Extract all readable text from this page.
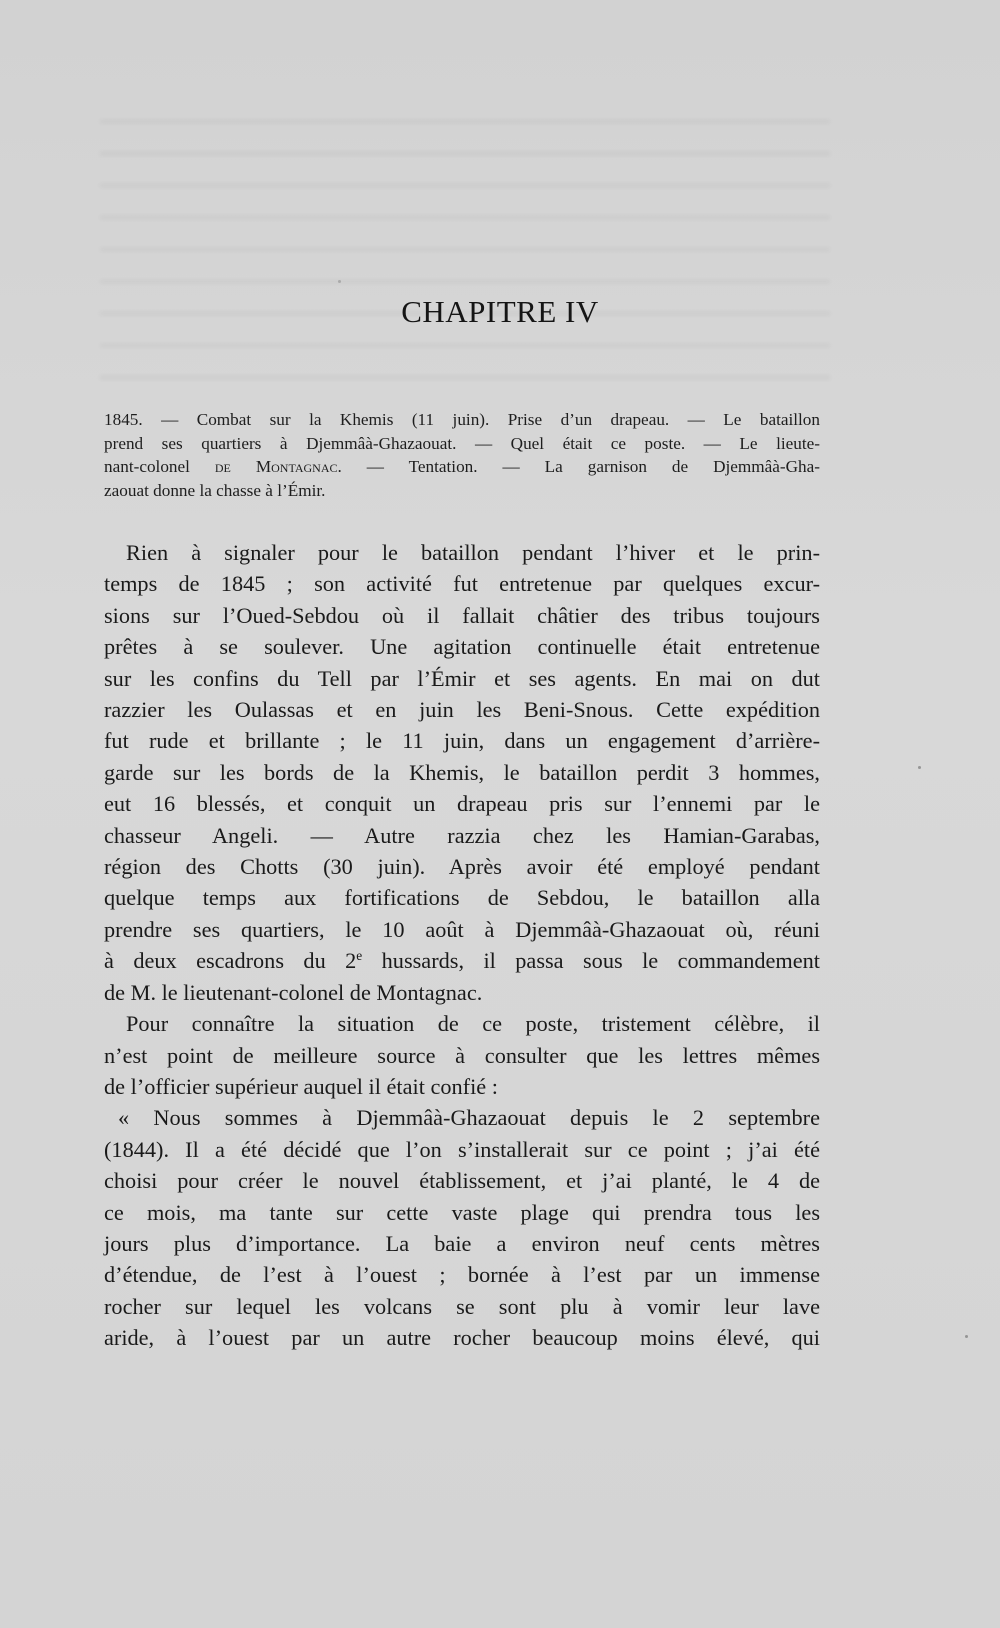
CHAPITRE IV
1845. — Combat sur la Khemis (11 juin). Prise d’un drapeau. — Le bataillon
prend ses quartiers à Djemmâà-Ghazaouat. — Quel était ce poste. — Le lieute-
nant-colonel de Montagnac. — Tentation. — La garnison de Djemmâà-Gha-
zaouat donne la chasse à l’Émir.
Rien à signaler pour le bataillon pendant l’hiver et le prin-
temps de 1845 ; son activité fut entretenue par quelques excur-
sions sur l’Oued-Sebdou où il fallait châtier des tribus toujours
prêtes à se soulever. Une agitation continuelle était entretenue
sur les confins du Tell par l’Émir et ses agents. En mai on dut
razzier les Oulassas et en juin les Beni-Snous. Cette expédition
fut rude et brillante ; le 11 juin, dans un engagement d’arrière-
garde sur les bords de la Khemis, le bataillon perdit 3 hommes,
eut 16 blessés, et conquit un drapeau pris sur l’ennemi par le
chasseur Angeli. — Autre razzia chez les Hamian-Garabas,
région des Chotts (30 juin). Après avoir été employé pendant
quelque temps aux fortifications de Sebdou, le bataillon alla
prendre ses quartiers, le 10 août à Djemmâà-Ghazaouat où, réuni
à deux escadrons du 2e hussards, il passa sous le commandement
de M. le lieutenant-colonel de Montagnac.
Pour connaître la situation de ce poste, tristement célèbre, il
n’est point de meilleure source à consulter que les lettres mêmes
de l’officier supérieur auquel il était confié :
« Nous sommes à Djemmâà-Ghazaouat depuis le 2 septembre
(1844). Il a été décidé que l’on s’installerait sur ce point ; j’ai été
choisi pour créer le nouvel établissement, et j’ai planté, le 4 de
ce mois, ma tante sur cette vaste plage qui prendra tous les
jours plus d’importance. La baie a environ neuf cents mètres
d’étendue, de l’est à l’ouest ; bornée à l’est par un immense
rocher sur lequel les volcans se sont plu à vomir leur lave
aride, à l’ouest par un autre rocher beaucoup moins élevé, qui
